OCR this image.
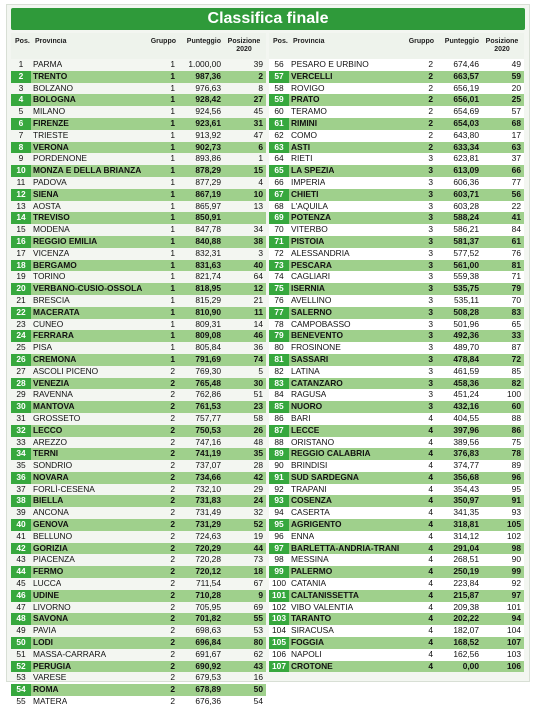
Classifica finale
Pos. Provincia	Gruppo	Punteggio Posizione 2020
1	PARMA	1	1.000,00	39
2	TRENTO	1	987,36	2
3	BOLZANO	1	976,63	8
4	BOLOGNA	1	928,42	27
5	MILANO	1	924,56	45
6	FIRENZE	1	923,61	31
7	TRIESTE	1	913,92	47
8	VERONA	1	902,73	6
9	PORDENONE	1	893,86	1
10 MONZA E DELLA BRIANZA	1	878,29	15
11 PADOVA	1	877,29	4
12 SIENA	1	867,19	10
13 AOSTA	1	865,97	13
14 TREVISO	1	850,91
15 MODENA	1	847,78	34
16 REGGIO EMILIA	1	840,88	38
17 VICENZA	1	832,31	3
18 BERGAMO	1	831,63	40
19 TORINO	1	821,74	64
20 VERBANO-CUSIO-OSSOLA	1	818,95	12
21 BRESCIA	1	815,29	21
22 MACERATA	1	810,90	11
23 CUNEO	1	809,31	14
24 FERRARA	1	809,08	46
25 PISA	1	805,84	36
26 CREMONA	1	791,69	74
27 ASCOLI PICENO	2	769,30	5
28 VENEZIA	2	765,48	30
29 RAVENNA	2	762,86	51
30 MANTOVA	2	761,53	23
31 GROSSETO	2	757,77	58
32 LECCO	2	750,53	26
33 AREZZO	2	747,16	48
34 TERNI	2	741,19	35
35 SONDRIO	2	737,07	28
36 NOVARA	2	734,66	42
37 FORLÌ-CESENA	2	732,10	29
38 BIELLA	2	731,83	24
39 ANCONA	2	731,49	32
40 GENOVA	2	731,29	52
41 BELLUNO	2	724,63	19
42 GORIZIA	2	720,29	44
43 PIACENZA	2	720,28	73
44 FERMO	2	720,12	18
45 LUCCA	2	711,54	67
46 UDINE	2	710,28	9
47 LIVORNO	2	705,95	69
48 SAVONA	2	701,82	55
49 PAVIA	2	698,63	53
50 LODI	2	696,84	80
51 MASSA-CARRARA	2	691,67	62
52 PERUGIA	2	690,92	43
53 VARESE	2	679,53	16
54 ROMA	2	678,89	50
55 MATERA	2	676,36	54
Pos. Provincia	Gruppo	Punteggio Posizione 2020
56 PESARO E URBINO	2	674,46	49
57 VERCELLI	2	663,57	59
58 ROVIGO	2	656,19	20
59 PRATO	2	656,01	25
60 TERAMO	2	654,69	57
61 RIMINI	2	654,03	68
62 COMO	2	643,80	17
63 ASTI	2	633,34	63
64 RIETI	3	623,81	37
65 LA SPEZIA	3	613,09	66
66 IMPERIA	3	606,36	77
67 CHIETI	3	603,71	56
68 L'AQUILA	3	603,28	22
69 POTENZA	3	588,24	41
70 VITERBO	3	586,21	84
71 PISTOIA	3	581,37	61
72 ALESSANDRIA	3	577,52	76
73 PESCARA	3	561,00	81
74 CAGLIARI	3	559,38	71
75 ISERNIA	3	535,75	79
76 AVELLINO	3	535,11	70
77 SALERNO	3	508,28	83
78 CAMPOBASSO	3	501,96	65
79 BENEVENTO	3	492,36	33
80 FROSINONE	3	489,70	87
81 SASSARI	3	478,84	72
82 LATINA	3	461,59	85
83 CATANZARO	3	458,36	82
84 RAGUSA	3	451,24	100
85 NUORO	3	432,16	60
86 BARI	4	404,55	88
87 LECCE	4	397,96	86
88 ORISTANO	4	389,56	75
89 REGGIO CALABRIA	4	376,83	78
90 BRINDISI	4	374,77	89
91 SUD SARDEGNA	4	356,68	96
92 TRAPANI	4	354,43	95
93 COSENZA	4	350,97	91
94 CASERTA	4	341,35	93
95 AGRIGENTO	4	318,81	105
96 ENNA	4	314,12	102
97 BARLETTA-ANDRIA-TRANI	4	291,04	98
98 MESSINA	4	268,51	90
99 PALERMO	4	250,19	99
100 CATANIA	4	223,84	92
101 CALTANISSETTA	4	215,87	97
102 VIBO VALENTIA	4	209,38	101
103 TARANTO	4	202,22	94
104 SIRACUSA	4	182,07	104
105 FOGGIA	4	168,52	107
106 NAPOLI	4	162,56	103
107 CROTONE	4	0,00	106
